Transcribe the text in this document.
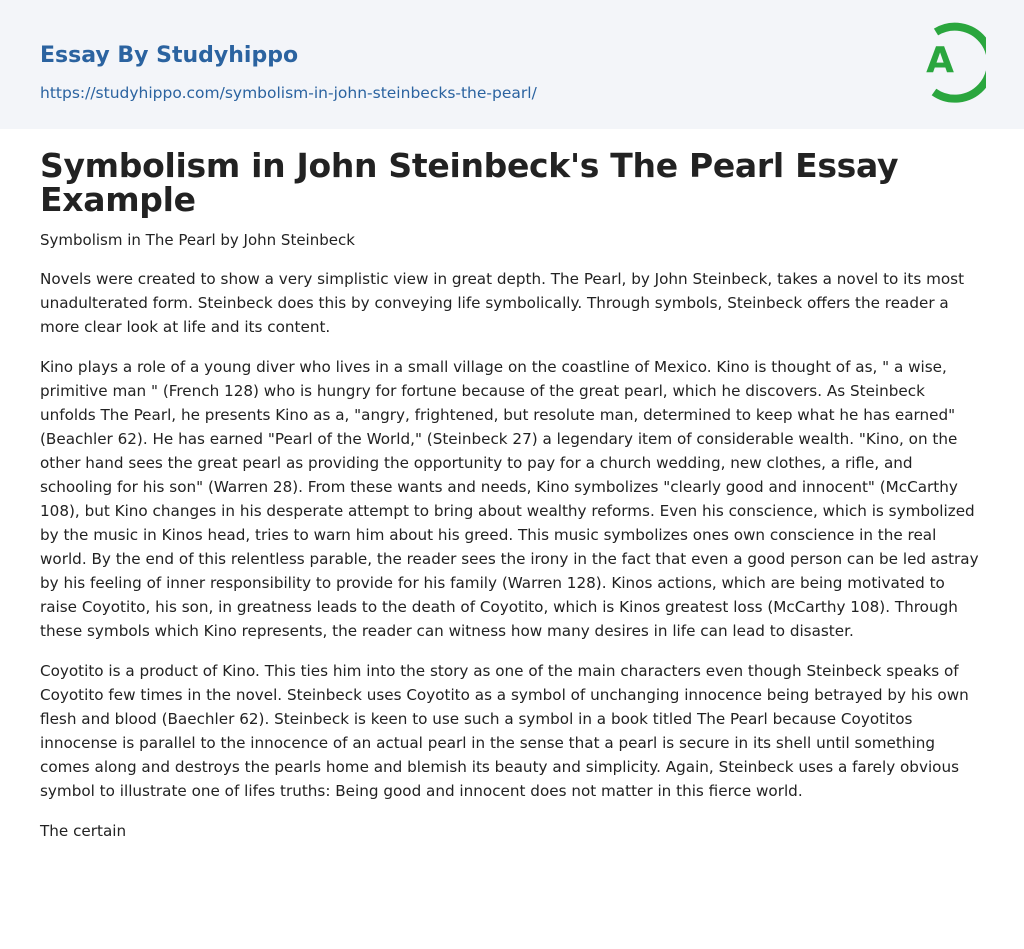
Essay By Studyhippo
https://studyhippo.com/symbolism-in-john-steinbecks-the-pearl/
A
Symbolism in John Steinbeck's The Pearl Essay Example

Symbolism in The Pearl by John Steinbeck

Novels were created to show a very simplistic view in great depth. The Pearl, by John Steinbeck, takes a novel to its most unadulterated form. Steinbeck does this by conveying life symbolically. Through symbols, Steinbeck offers the reader a more clear look at life and its content.

Kino plays a role of a young diver who lives in a small village on the coastline of Mexico. Kino is thought of as, " a wise, primitive man " (French 128) who is hungry for fortune because of the great pearl, which he discovers. As Steinbeck unfolds The Pearl, he presents Kino as a, "angry, frightened, but resolute man, determined to keep what he has earned" (Beachler 62). He has earned "Pearl of the World," (Steinbeck 27) a legendary item of considerable wealth. "Kino, on the other hand sees the great pearl as providing the opportunity to pay for a church wedding, new clothes, a rifle, and schooling for his son" (Warren 28). From these wants and needs, Kino symbolizes "clearly good and innocent" (McCarthy 108), but Kino changes in his desperate attempt to bring about wealthy reforms. Even his conscience, which is symbolized by the music in Kinos head, tries to warn him about his greed. This music symbolizes ones own conscience in the real world. By the end of this relentless parable, the reader sees the irony in the fact that even a good person can be led astray by his feeling of inner responsibility to provide for his family (Warren 128). Kinos actions, which are being motivated to raise Coyotito, his son, in greatness leads to the death of Coyotito, which is Kinos greatest loss (McCarthy 108). Through these symbols which Kino represents, the reader can witness how many desires in life can lead to disaster.

Coyotito is a product of Kino. This ties him into the story as one of the main characters even though Steinbeck speaks of Coyotito few times in the novel. Steinbeck uses Coyotito as a symbol of unchanging innocence being betrayed by his own flesh and blood (Baechler 62). Steinbeck is keen to use such a symbol in a book titled The Pearl because Coyotitos innocense is parallel to the innocence of an actual pearl in the sense that a pearl is secure in its shell until something comes along and destroys the pearls home and blemish its beauty and simplicity. Again, Steinbeck uses a farely obvious symbol to illustrate one of lifes truths: Being good and innocent does not matter in this fierce world.

The certain
